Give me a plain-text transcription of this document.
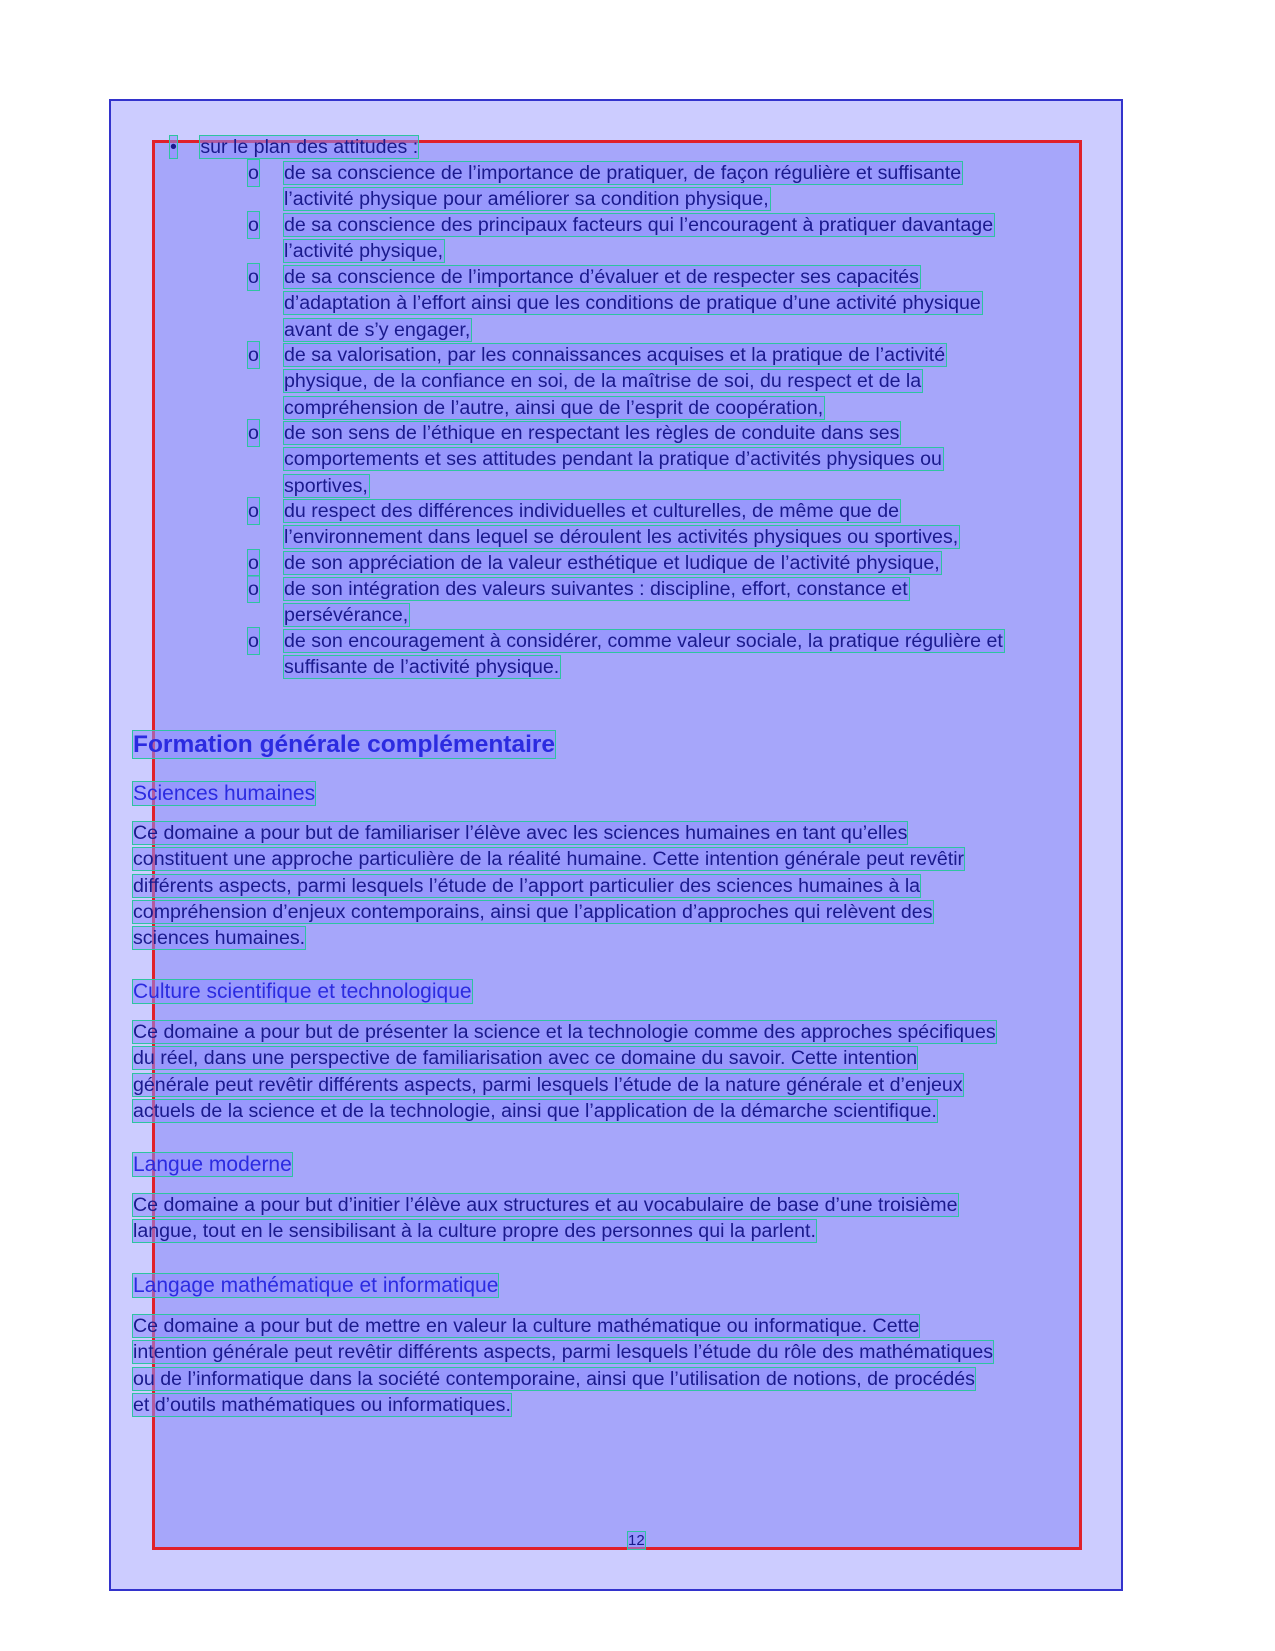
• sur le plan des attitudes :
o de sa conscience de l’importance de pratiquer, de façon régulière et suffisante
l’activité physique pour améliorer sa condition physique,
o de sa conscience des principaux facteurs qui l’encouragent à pratiquer davantage
l’activité physique,
o de sa conscience de l’importance d’évaluer et de respecter ses capacités
d’adaptation à l’effort ainsi que les conditions de pratique d’une activité physique
avant de s’y engager,
o de sa valorisation, par les connaissances acquises et la pratique de l’activité
physique, de la confiance en soi, de la maîtrise de soi, du respect et de la
compréhension de l’autre, ainsi que de l’esprit de coopération,
o de son sens de l’éthique en respectant les règles de conduite dans ses
comportements et ses attitudes pendant la pratique d’activités physiques ou
sportives,
o du respect des différences individuelles et culturelles, de même que de
l’environnement dans lequel se déroulent les activités physiques ou sportives,
o de son appréciation de la valeur esthétique et ludique de l’activité physique,
o de son intégration des valeurs suivantes : discipline, effort, constance et
persévérance,
o de son encouragement à considérer, comme valeur sociale, la pratique régulière et
suffisante de l’activité physique.
Formation générale complémentaire
Sciences humaines
Ce domaine a pour but de familiariser l’élève avec les sciences humaines en tant qu’elles
constituent une approche particulière de la réalité humaine. Cette intention générale peut revêtir
différents aspects, parmi lesquels l’étude de l’apport particulier des sciences humaines à la
compréhension d’enjeux contemporains, ainsi que l’application d’approches qui relèvent des
sciences humaines.
Culture scientifique et technologique
Ce domaine a pour but de présenter la science et la technologie comme des approches spécifiques
du réel, dans une perspective de familiarisation avec ce domaine du savoir. Cette intention
générale peut revêtir différents aspects, parmi lesquels l’étude de la nature générale et d’enjeux
actuels de la science et de la technologie, ainsi que l’application de la démarche scientifique.
Langue moderne
Ce domaine a pour but d’initier l’élève aux structures et au vocabulaire de base d’une troisième
langue, tout en le sensibilisant à la culture propre des personnes qui la parlent.
Langage mathématique et informatique
Ce domaine a pour but de mettre en valeur la culture mathématique ou informatique. Cette
intention générale peut revêtir différents aspects, parmi lesquels l’étude du rôle des mathématiques
ou de l’informatique dans la société contemporaine, ainsi que l’utilisation de notions, de procédés
et d’outils mathématiques ou informatiques.
12
